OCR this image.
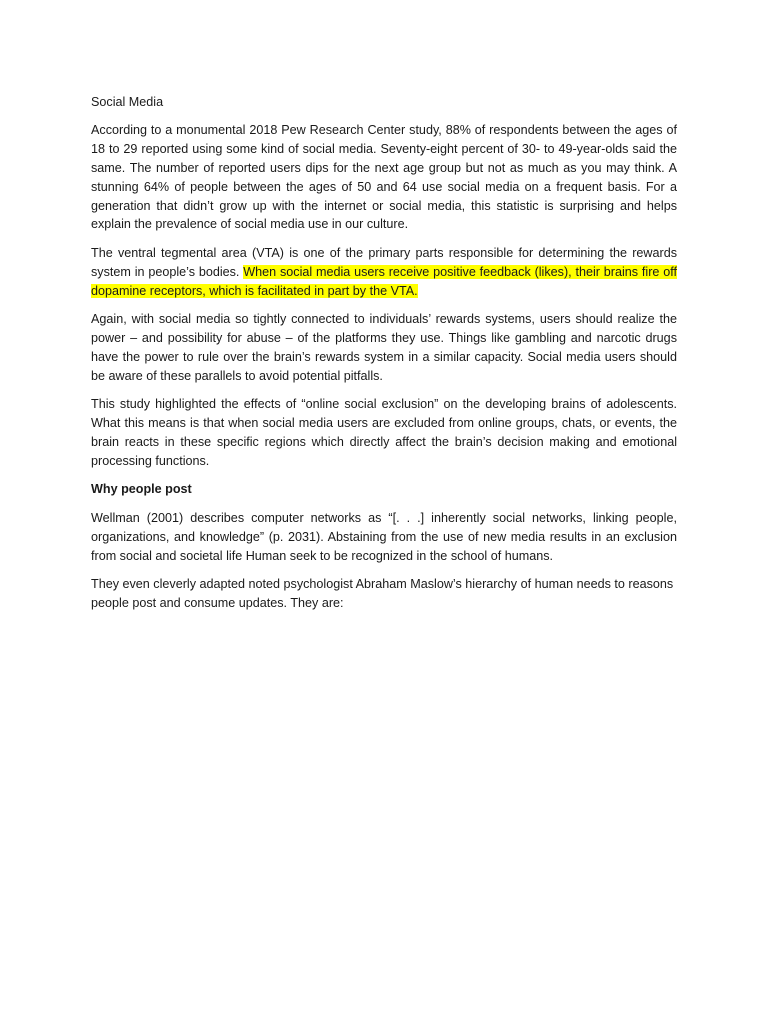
Social Media

According to a monumental 2018 Pew Research Center study, 88% of respondents between the ages of 18 to 29 reported using some kind of social media. Seventy-eight percent of 30- to 49-year-olds said the same. The number of reported users dips for the next age group but not as much as you may think. A stunning 64% of people between the ages of 50 and 64 use social media on a frequent basis. For a generation that didn’t grow up with the internet or social media, this statistic is surprising and helps explain the prevalence of social media use in our culture.

The ventral tegmental area (VTA) is one of the primary parts responsible for determining the rewards system in people’s bodies. When social media users receive positive feedback (likes), their brains fire off dopamine receptors, which is facilitated in part by the VTA.

Again, with social media so tightly connected to individuals’ rewards systems, users should realize the power – and possibility for abuse – of the platforms they use. Things like gambling and narcotic drugs have the power to rule over the brain’s rewards system in a similar capacity. Social media users should be aware of these parallels to avoid potential pitfalls.

This study highlighted the effects of “online social exclusion” on the developing brains of adolescents. What this means is that when social media users are excluded from online groups, chats, or events, the brain reacts in these specific regions which directly affect the brain’s decision making and emotional processing functions.

Why people post

Wellman (2001) describes computer networks as “[. . .] inherently social networks, linking people, organizations, and knowledge” (p. 2031). Abstaining from the use of new media results in an exclusion from social and societal life Human seek to be recognized in the school of humans.

They even cleverly adapted noted psychologist Abraham Maslow’s hierarchy of human needs to reasons people post and consume updates. They are:
